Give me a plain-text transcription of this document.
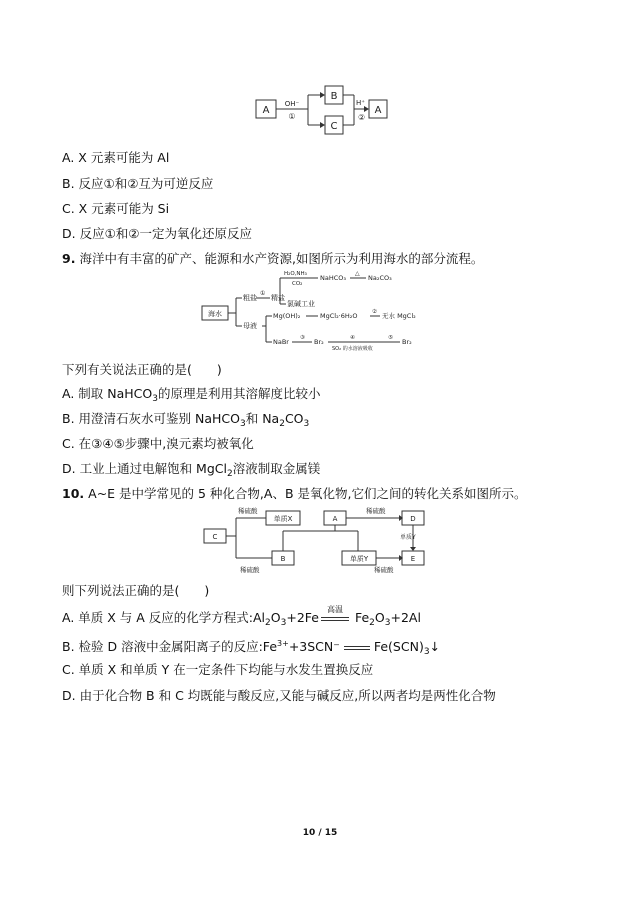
A
OH⁻
①
B
C
H⁺
②
A
A. X 元素可能为 Al
B. 反应①和②互为可逆反应
C. X 元素可能为 Si
D. 反应①和②一定为氧化还原反应
9. 海洋中有丰富的矿产、能源和水产资源,如图所示为利用海水的部分流程。
海水
粗盐
①
精盐
H₂O,NH₃
CO₂
NaHCO₃
△
Na₂CO₃
氯碱工业
母液
Mg(OH)₂	MgCl₂·6H₂O	② 无水 MgCl₂
NaBr ③ Br₂	④
SO₂ 的水溶液吸收
⑤ Br₂
下列有关说法正确的是(　　)
A. 制取 NaHCO$_3$的原理是利用其溶解度比较小
B. 用澄清石灰水可鉴别 NaHCO$_3$和 $Na_2CO_3$
C. 在③④⑤步骤中,溴元素均被氧化
D. 工业上通过电解饱和 MgCl$_2$溶液制取金属镁
10. A~E 是中学常见的 5 种化合物,A、B 是氧化物,它们之间的转化关系如图所示。
稀硫酸
单质X	A
稀硫酸
D
C	单质Y
B	单质Y	E
稀硫酸	稀硫酸
则下列说法正确的是(　　)
A. 单质 X 与 A 反应的化学方程式$:Al_2O_3+2Fe$
高温
$Fe_2O_3+2Al$
B. 检验 D 溶液中金属阳离子的反应$:Fe^{3+}+3SCN^-$	$Fe(SCN)_3↓$
C. 单质 X 和单质 Y 在一定条件下均能与水发生置换反应
D. 由于化合物 B 和 C 均既能与酸反应,又能与碱反应,所以两者均是两性化合物
10 / 15
